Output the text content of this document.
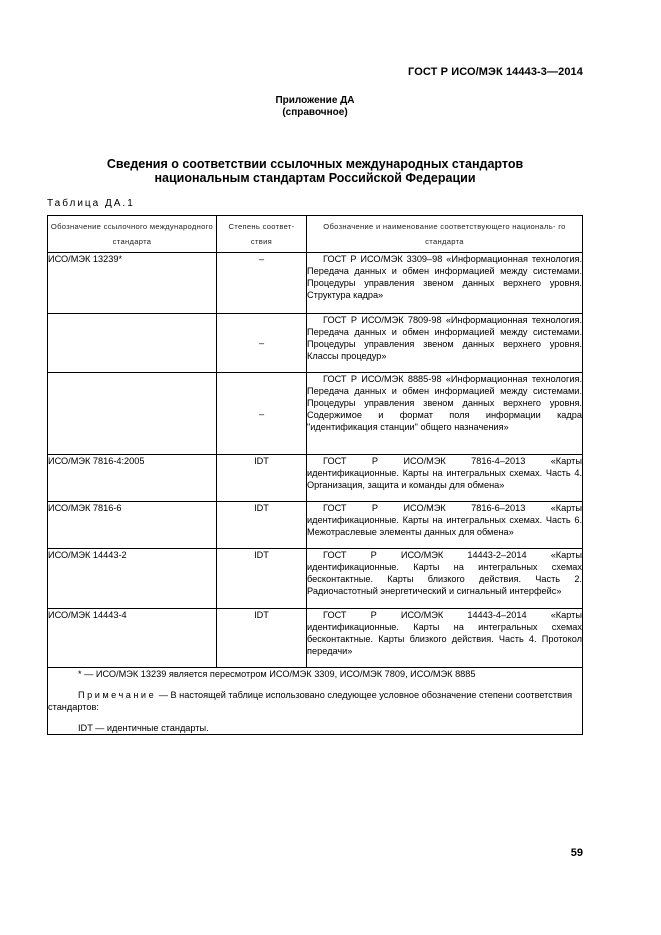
ГОСТ Р ИСО/МЭК 14443-3—2014
Приложение ДА
(справочное)
Сведения о соответствии ссылочных международных стандартов
национальным стандартам Российской Федерации
Таблица ДА.1
Обозначение ссылочного международного стандарта	Степень соответ- ствия	Обозначение и наименование соответствующего националь- го стандарта
ИСО/МЭК 13239*	–	ГОСТ Р ИСО/МЭК 3309–98 «Информационная технология. Передача данных и обмен информацией между системами. Процедуры управления звеном данных верхнего уровня. Структура кадра»
	–	ГОСТ Р ИСО/МЭК 7809-98 «Информационная технология. Передача данных и обмен информацией между системами. Процедуры управления звеном данных верхнего уровня. Классы процедур»
	–	ГОСТ Р ИСО/МЭК 8885-98 «Информационная технология. Передача данных и обмен информацией между системами. Процедуры управления звеном данных верхнего уровня. Содержимое и формат поля информации кадра "идентификация станции" общего назначения»
ИСО/МЭК 7816-4:2005	IDT	ГОСТ Р ИСО/МЭК 7816-4–2013 «Карты идентификационные. Карты на интегральных схемах. Часть 4. Организация, защита и команды для обмена»
ИСО/МЭК 7816-6	IDT	ГОСТ Р ИСО/МЭК 7816-6–2013 «Карты идентификационные. Карты на интегральных схемах. Часть 6. Межотраслевые элементы данных для обмена»
ИСО/МЭК 14443-2	IDT	ГОСТ Р ИСО/МЭК 14443-2–2014 «Карты идентификационные. Карты на интегральных схемах бесконтактные. Карты близкого действия. Часть 2. Радиочастотный энергетический и сигнальный интерфейс»
ИСО/МЭК 14443-4	IDT	ГОСТ Р ИСО/МЭК 14443-4–2014 «Карты идентификационные. Карты на интегральных схемах бесконтактные. Карты близкого действия. Часть 4. Протокол передачи»

* — ИСО/МЭК 13239 является пересмотром ИСО/МЭК 3309, ИСО/МЭК 7809, ИСО/МЭК 8885

Примечание — В настоящей таблице использовано следующее условное обозначение степени соответствия стандартов:

IDT — идентичные стандарты.		

59
